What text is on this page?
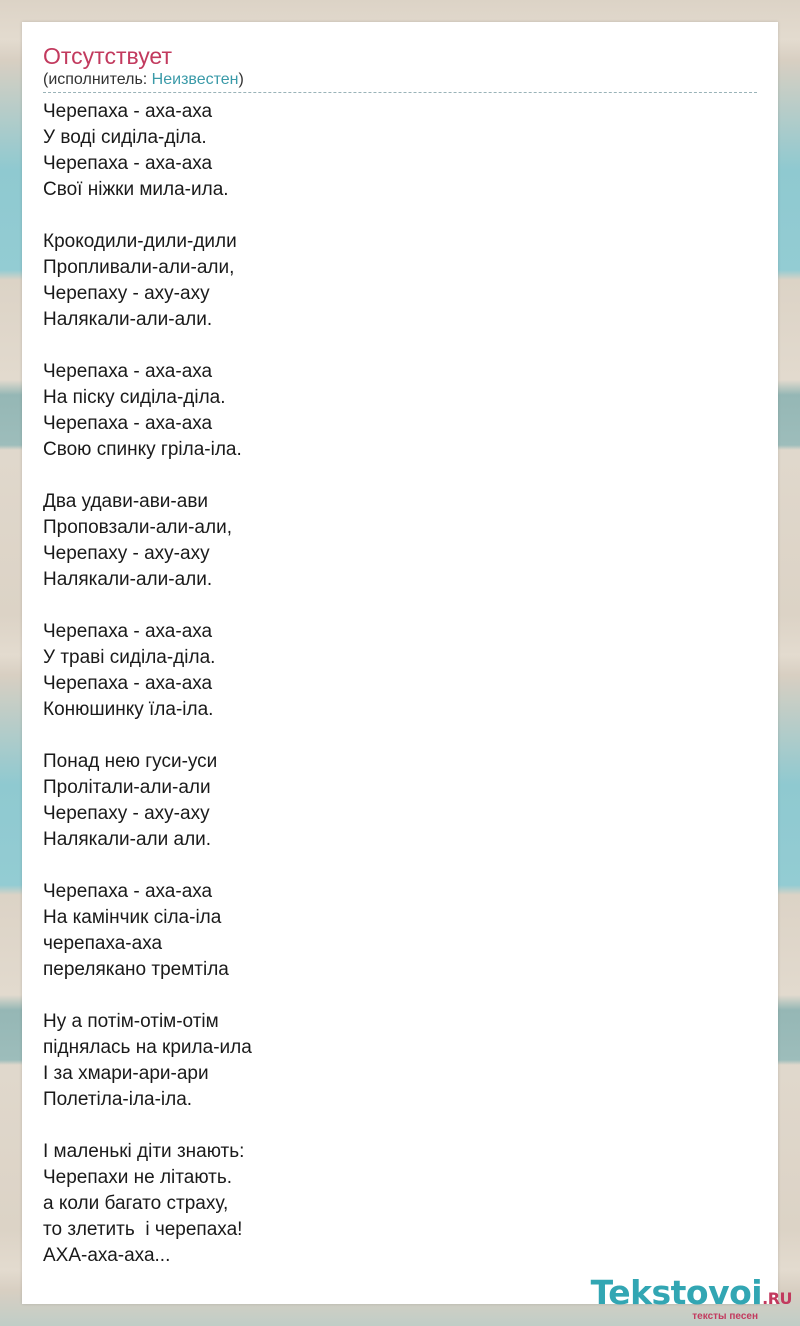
Отсутствует
(исполнитель: Неизвестен)
Черепаха - аха-аха
У воді сиділа-діла.
Черепаха - аха-аха
Свої ніжки мила-ила.
Крокодили-дили-дили
Пропливали-али-али,
Черепаху - аху-аху
Налякали-али-али.
Черепаха - аха-аха
На піску сиділа-діла.
Черепаха - аха-аха
Свою спинку гріла-іла.
Два удави-ави-ави
Проповзали-али-али,
Черепаху - аху-аху
Налякали-али-али.
Черепаха - аха-аха
У траві сиділа-діла.
Черепаха - аха-аха
Конюшинку їла-іла.
Понад нею гуси-уси
Пролітали-али-али
Черепаху - аху-аху
Налякали-али али.
Черепаха - аха-аха
На камінчик сіла-іла
черепаха-аха
перелякано тремтіла
Ну а потім-отім-отім
піднялась на крила-ила
І за хмари-ари-ари
Полетіла-іла-іла.
І маленькі діти знають:
Черепахи не літають.
а коли багато страху,
то злетить  і черепаха!
АХА-аха-аха...
Tekstovoi.RU
тексты песен
